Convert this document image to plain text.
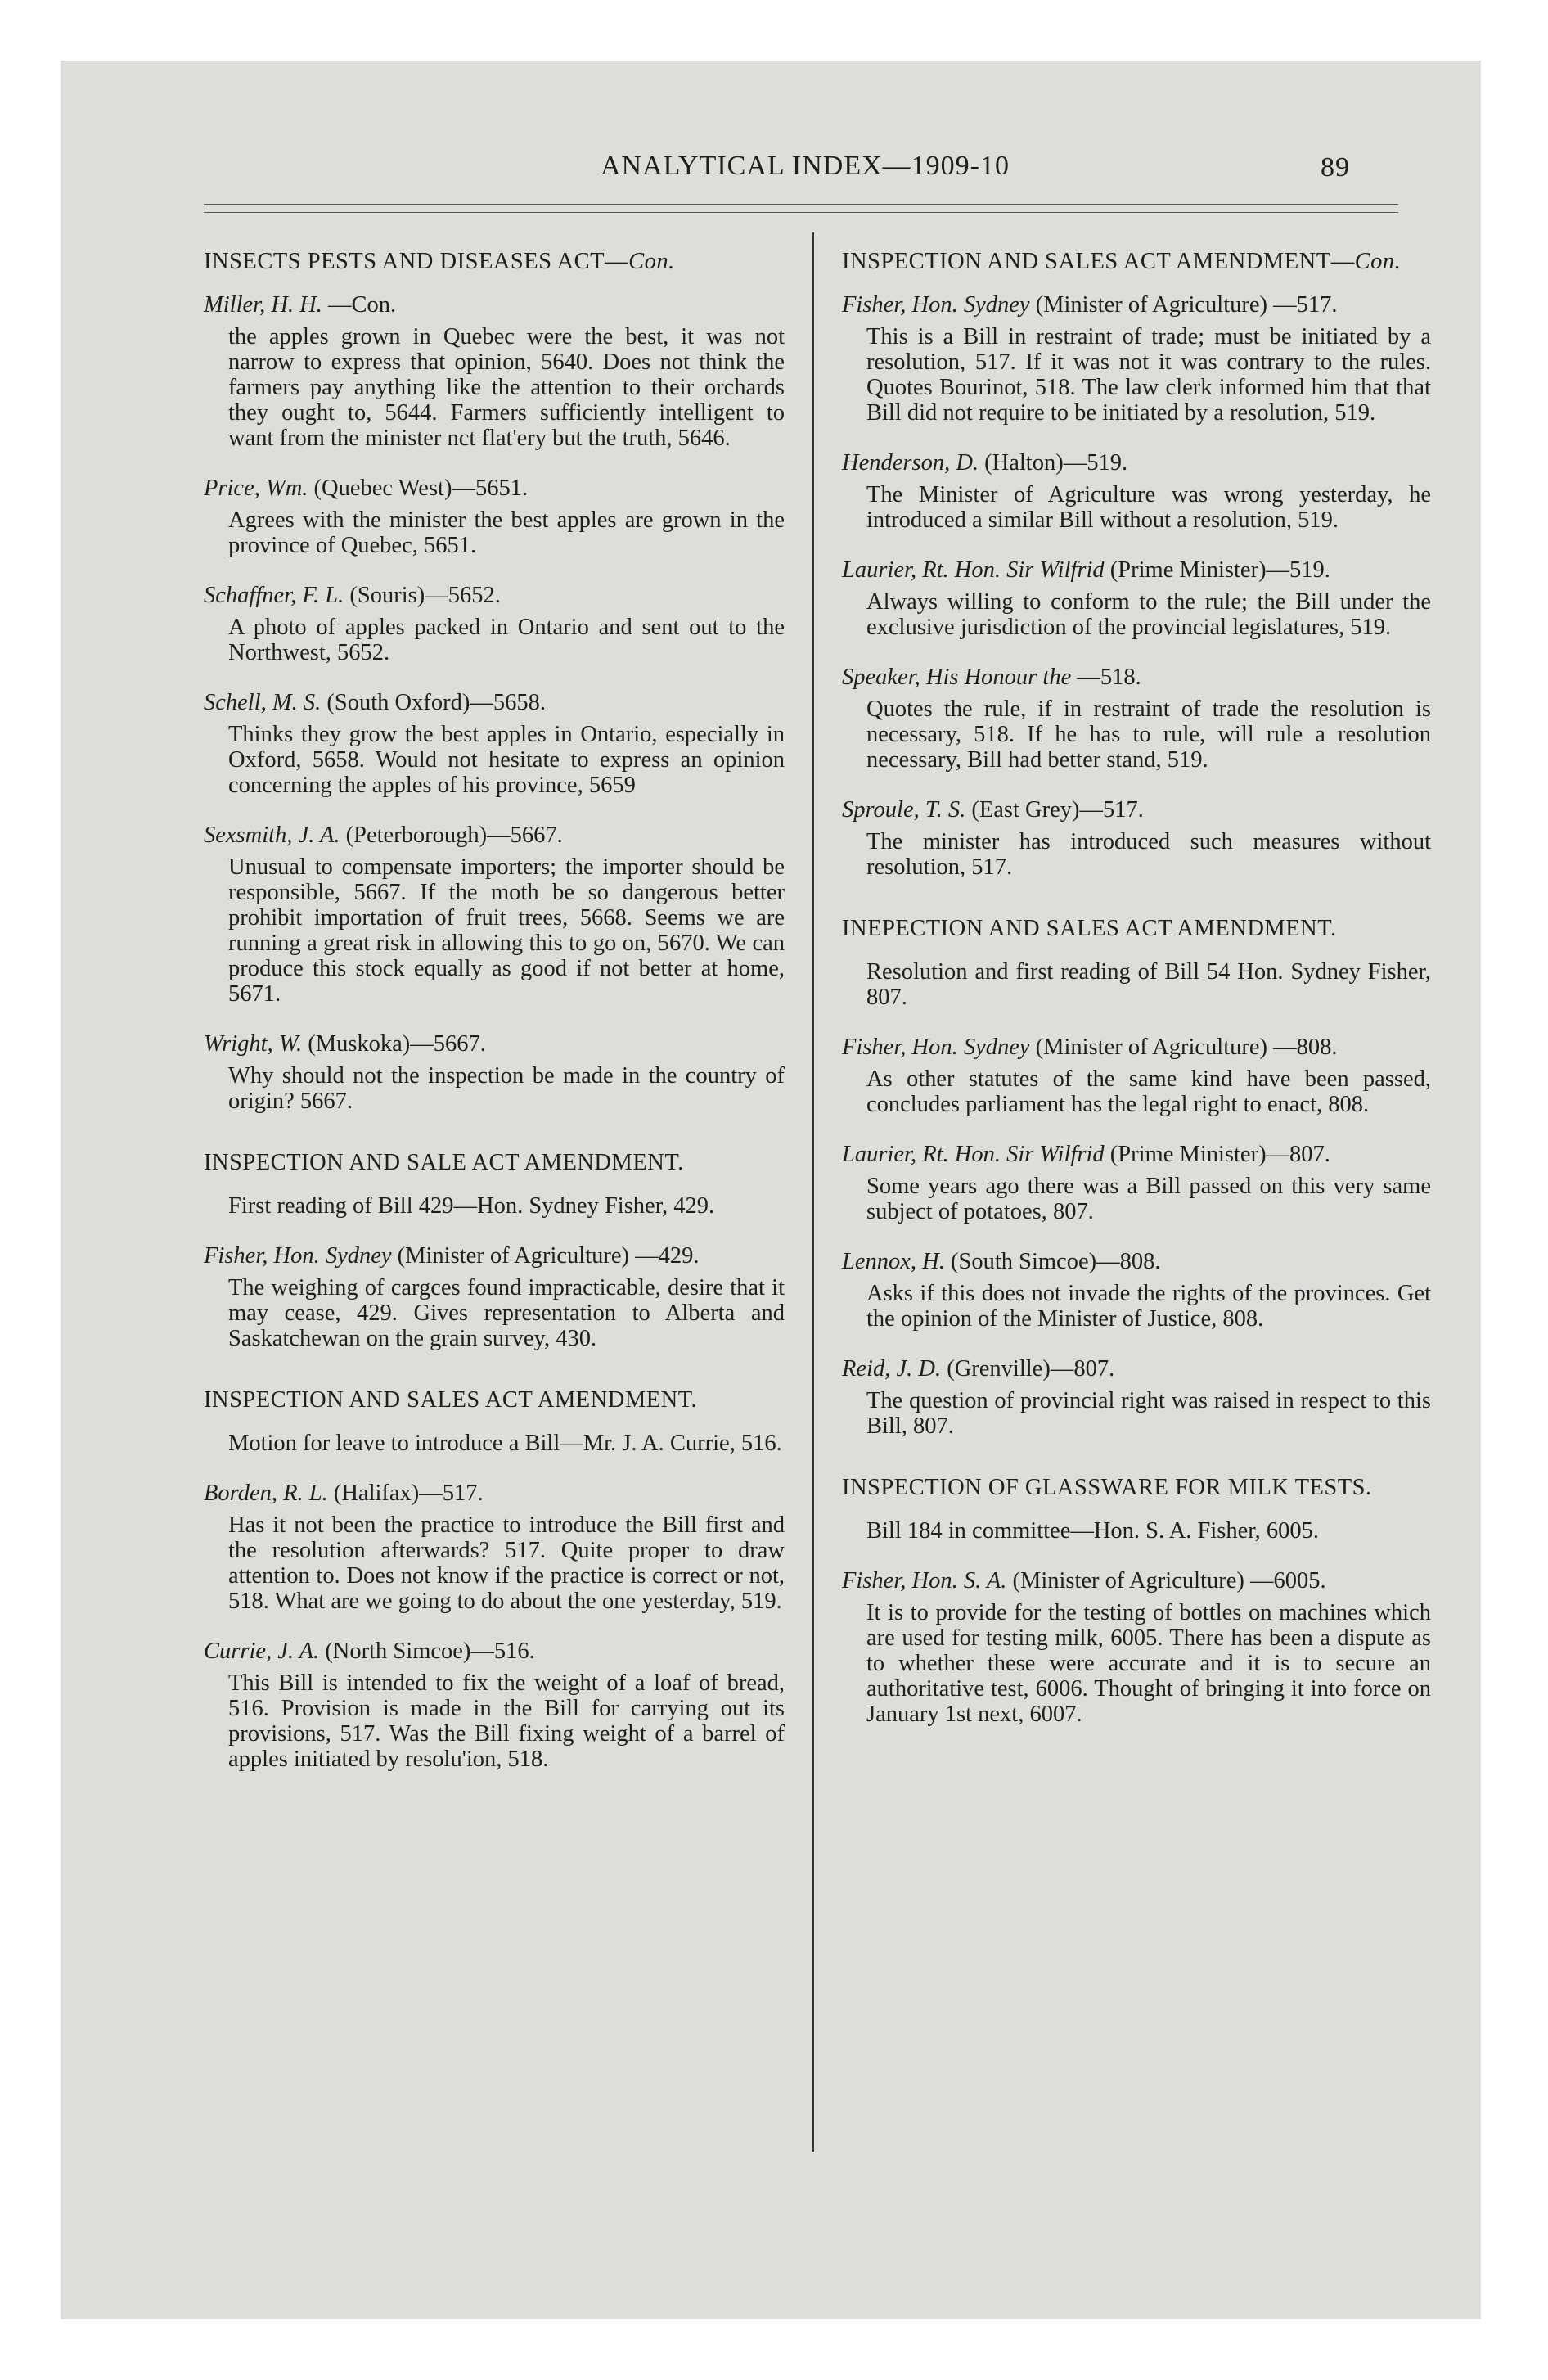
ANALYTICAL INDEX—1909-10	89
INSECTS PESTS AND DISEASES ACT—Con.
Miller, H. H. —Con.
the apples grown in Quebec were the best, it was not narrow to express that opinion, 5640. Does not think the farmers pay anything like the attention to their orchards they ought to, 5644. Farmers sufficiently intelligent to want from the minister nct flat'ery but the truth, 5646.
Price, Wm. (Quebec West)—5651.
Agrees with the minister the best apples are grown in the province of Quebec, 5651.
Schaffner, F. L. (Souris)—5652.
A photo of apples packed in Ontario and sent out to the Northwest, 5652.
Schell, M. S. (South Oxford)—5658.
Thinks they grow the best apples in Ontario, especially in Oxford, 5658. Would not hesitate to express an opinion concerning the apples of his province, 5659
Sexsmith, J. A. (Peterborough)—5667.
Unusual to compensate importers; the importer should be responsible, 5667. If the moth be so dangerous better prohibit importation of fruit trees, 5668. Seems we are running a great risk in allowing this to go on, 5670. We can produce this stock equally as good if not better at home, 5671.
Wright, W. (Muskoka)—5667.
Why should not the inspection be made in the country of origin? 5667.
INSPECTION AND SALE ACT AMENDMENT.
First reading of Bill 429—Hon. Sydney Fisher, 429.
Fisher, Hon. Sydney (Minister of Agriculture) —429.
The weighing of cargces found impracticable, desire that it may cease, 429. Gives representation to Alberta and Saskatchewan on the grain survey, 430.
INSPECTION AND SALES ACT AMENDMENT.
Motion for leave to introduce a Bill—Mr. J. A. Currie, 516.
Borden, R. L. (Halifax)—517.
Has it not been the practice to introduce the Bill first and the resolution afterwards? 517. Quite proper to draw attention to. Does not know if the practice is correct or not, 518. What are we going to do about the one yesterday, 519.
Currie, J. A. (North Simcoe)—516.
This Bill is intended to fix the weight of a loaf of bread, 516. Provision is made in the Bill for carrying out its provisions, 517. Was the Bill fixing weight of a barrel of apples initiated by resolu'ion, 518.
INSPECTION AND SALES ACT AMENDMENT—Con.
Fisher, Hon. Sydney (Minister of Agriculture) —517.
This is a Bill in restraint of trade; must be initiated by a resolution, 517. If it was not it was contrary to the rules. Quotes Bourinot, 518. The law clerk informed him that that Bill did not require to be initiated by a resolution, 519.
Henderson, D. (Halton)—519.
The Minister of Agriculture was wrong yesterday, he introduced a similar Bill without a resolution, 519.
Laurier, Rt. Hon. Sir Wilfrid (Prime Minister)—519.
Always willing to conform to the rule; the Bill under the exclusive jurisdiction of the provincial legislatures, 519.
Speaker, His Honour the —518.
Quotes the rule, if in restraint of trade the resolution is necessary, 518. If he has to rule, will rule a resolution necessary, Bill had better stand, 519.
Sproule, T. S. (East Grey)—517.
The minister has introduced such measures without resolution, 517.
INEPECTION AND SALES ACT AMENDMENT.
Resolution and first reading of Bill 54 Hon. Sydney Fisher, 807.
Fisher, Hon. Sydney (Minister of Agriculture) —808.
As other statutes of the same kind have been passed, concludes parliament has the legal right to enact, 808.
Laurier, Rt. Hon. Sir Wilfrid (Prime Minister)—807.
Some years ago there was a Bill passed on this very same subject of potatoes, 807.
Lennox, H. (South Simcoe)—808.
Asks if this does not invade the rights of the provinces. Get the opinion of the Minister of Justice, 808.
Reid, J. D. (Grenville)—807.
The question of provincial right was raised in respect to this Bill, 807.
INSPECTION OF GLASSWARE FOR MILK TESTS.
Bill 184 in committee—Hon. S. A. Fisher, 6005.
Fisher, Hon. S. A. (Minister of Agriculture) —6005.
It is to provide for the testing of bottles on machines which are used for testing milk, 6005. There has been a dispute as to whether these were accurate and it is to secure an authoritative test, 6006. Thought of bringing it into force on January 1st next, 6007.
